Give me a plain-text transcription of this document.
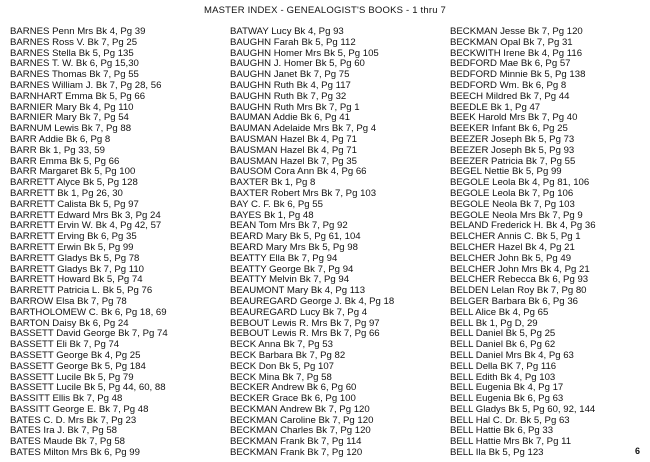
MASTER INDEX - GENEALOGIST'S BOOKS - 1 thru 7
BARNES Penn Mrs Bk 4, Pg 39
BARNES Ross V. Bk 7, Pg 25
BARNES Stella Bk 5, Pg 135
BARNES T. W. Bk 6, Pg 15,30
BARNES Thomas Bk 7, Pg 55
BARNES William J. Bk 7, Pg 28, 56
BARNHART Emma Bk 5, Pg 66
BARNIER Mary Bk 4, Pg 110
BARNIER Mary Bk 7, Pg 54
BARNUM Lewis Bk 7, Pg 88
BARR Addie Bk 6, Pg 8
BARR Bk 1, Pg 33, 59
BARR Emma Bk 5, Pg 66
BARR Margaret Bk 5, Pg 100
BARRETT Alyce Bk 5, Pg 128
BARRETT Bk 1, Pg 26, 30
BARRETT Calista Bk 5, Pg 97
BARRETT Edward Mrs Bk 3, Pg 24
BARRETT Ervin W. Bk 4, Pg 42, 57
BARRETT Erving Bk 6, Pg 35
BARRETT Erwin Bk 5, Pg 99
BARRETT Gladys Bk 5, Pg 78
BARRETT Gladys Bk 7, Pg 110
BARRETT Howard Bk 5, Pg 74
BARRETT Patricia L. Bk 5, Pg 76
BARROW Elsa Bk 7, Pg 78
BARTHOLOMEW C. Bk 6, Pg 18, 69
BARTON Daisy Bk 6, Pg 24
BASSETT David George Bk 7, Pg 74
BASSETT Eli Bk 7, Pg 74
BASSETT George Bk 4, Pg 25
BASSETT George Bk 5, Pg 184
BASSETT Lucile Bk 5, Pg 79
BASSETT Lucile Bk 5, Pg 44, 60, 88
BASSITT Ellis Bk 7, Pg 48
BASSITT George E. Bk 7, Pg 48
BATES C. D. Mrs Bk 7, Pg 23
BATES Ira J. Bk 7, Pg 58
BATES Maude Bk 7, Pg 58
BATES Milton Mrs Bk 6, Pg 99
BATWAY Lucy Bk 4, Pg 93
BAUGHN Farah Bk 5, Pg 112
BAUGHN Homer Mrs Bk 5, Pg 105
BAUGHN J. Homer Bk 5, Pg 60
BAUGHN Janet Bk 7, Pg 75
BAUGHN Ruth Bk 4, Pg 117
BAUGHN Ruth Bk 7, Pg 32
BAUGHN Ruth Mrs Bk 7, Pg 1
BAUMAN Addie Bk 6, Pg 41
BAUMAN Adelaide Mrs Bk 7, Pg 4
BAUSMAN Hazel Bk 4, Pg 71
BAUSMAN Hazel Bk 4, Pg 71
BAUSMAN Hazel Bk 7, Pg 35
BAUSOM Cora Ann Bk 4, Pg 66
BAXTER Bk 1, Pg 8
BAXTER Robert Mrs Bk 7, Pg 103
BAY C. F. Bk 6, Pg 55
BAYES Bk 1, Pg 48
BEAN Tom Mrs Bk 7, Pg 92
BEARD Mary Bk 5, Pg 61, 104
BEARD Mary Mrs Bk 5, Pg 98
BEATTY Ella Bk 7, Pg 94
BEATTY George Bk 7, Pg 94
BEATTY Melvin Bk 7, Pg 94
BEAUMONT Mary Bk 4, Pg 113
BEAUREGARD George J. Bk 4, Pg 18
BEAUREGARD Lucy Bk 7, Pg 4
BEBOUT Lewis R. Mrs Bk 7, Pg 97
BEBOUT Lewis R. Mrs Bk 7, Pg 66
BECK Anna Bk 7, Pg 53
BECK Barbara Bk 7, Pg 82
BECK Don Bk 5, Pg 107
BECK Mina Bk 7, Pg 58
BECKER Andrew Bk 6, Pg 60
BECKER Grace Bk 6, Pg 100
BECKMAN Andrew Bk 7, Pg 120
BECKMAN Caroline Bk 7, Pg 120
BECKMAN Charles Bk 7, Pg 120
BECKMAN Frank Bk 7, Pg 114
BECKMAN Frank Bk 7, Pg 120
BECKMAN Jesse Bk 7, Pg 120
BECKMAN Opal Bk 7, Pg 31
BECKWITH Irene Bk 4, Pg 116
BEDFORD Mae Bk 6, Pg 57
BEDFORD Minnie Bk 5, Pg 138
BEDFORD Wm. Bk 6, Pg 8
BEECH Mildred Bk 7, Pg 44
BEEDLE Bk 1, Pg 47
BEEK Harold Mrs Bk 7, Pg 40
BEEKER Infant Bk 6, Pg 25
BEEZER Joseph Bk 5, Pg 73
BEEZER Joseph Bk 5, Pg 93
BEEZER Patricia Bk 7, Pg 55
BEGEL Nettie Bk 5, Pg 99
BEGOLE Leola Bk 4, Pg 81, 106
BEGOLE Leola Bk 7, Pg 106
BEGOLE Neola Bk 7, Pg 103
BEGOLE Neola Mrs Bk 7, Pg 9
BELAND Frederick H. Bk 4, Pg 36
BELCHER Annis C. Bk 5, Pg 1
BELCHER Hazel Bk 4, Pg 21
BELCHER John Bk 5, Pg 49
BELCHER John Mrs Bk 4, Pg 21
BELCHER Rebecca Bk 6, Pg 93
BELDEN Lelan Roy Bk 7, Pg 80
BELGER Barbara Bk 6, Pg 36
BELL Alice Bk 4, Pg 65
BELL Bk 1, Pg D, 29
BELL Daniel Bk 5, Pg 25
BELL Daniel Bk 6, Pg 62
BELL Daniel Mrs Bk 4, Pg 63
BELL Della BK 7, Pg 116
BELL Edith Bk 4, Pg 103
BELL Eugenia Bk 4, Pg 17
BELL Eugenia Bk 6, Pg 63
BELL Gladys Bk 5, Pg 60, 92, 144
BELL Hal C. Dr. Bk 5, Pg 63
BELL Hattie Bk 6, Pg 33
BELL Hattie Mrs Bk 7, Pg 11
BELL Ila Bk 5, Pg 123	6
